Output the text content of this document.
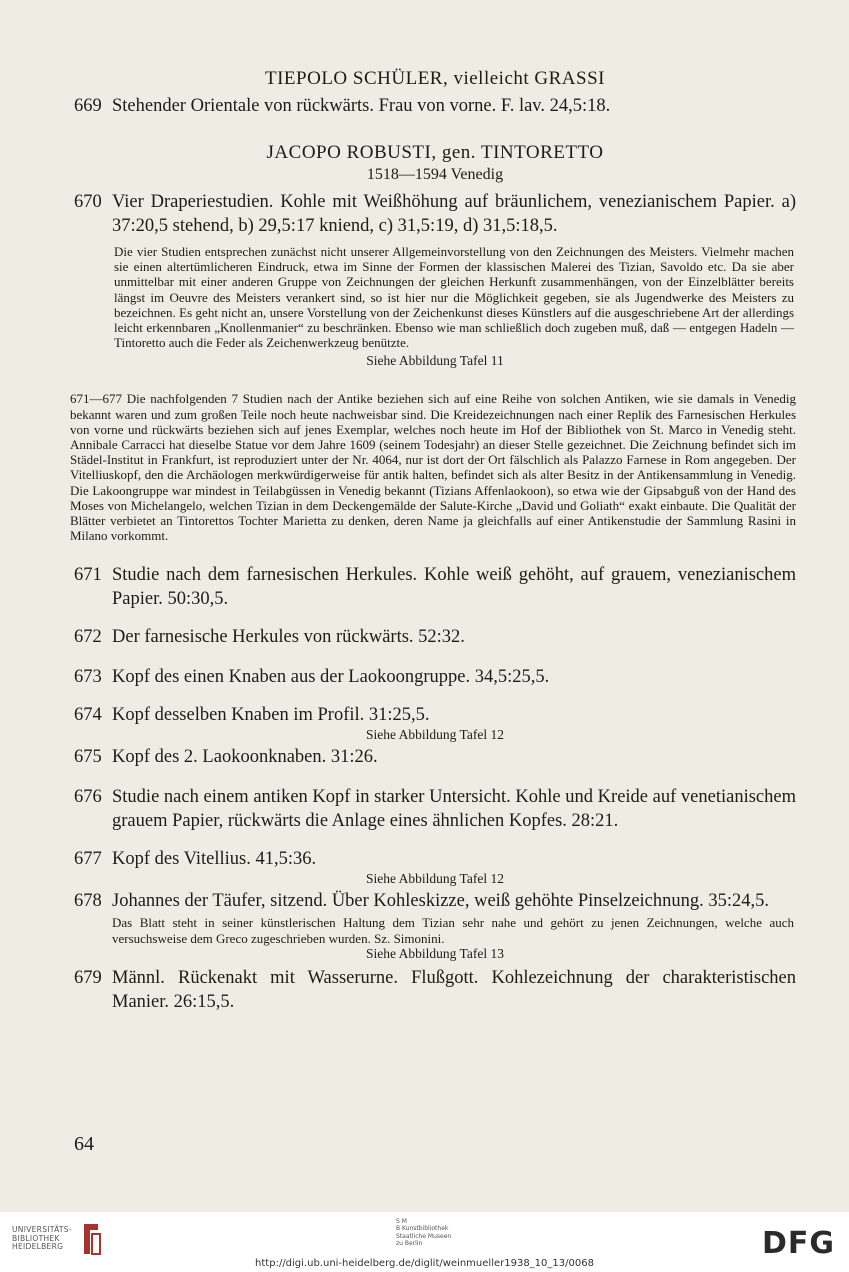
TIEPOLO SCHÜLER, vielleicht GRASSI
669 Stehender Orientale von rückwärts. Frau von vorne. F. lav. 24,5:18.
JACOPO ROBUSTI, gen. TINTORETTO
1518—1594 Venedig
670 Vier Draperiestudien. Kohle mit Weißhöhung auf bräunlichem, venezianischem Papier. a) 37:20,5 stehend, b) 29,5:17 kniend, c) 31,5:19, d) 31,5:18,5.
Die vier Studien entsprechen zunächst nicht unserer Allgemeinvorstellung von den Zeichnungen des Meisters. Vielmehr machen sie einen altertümlicheren Eindruck, etwa im Sinne der Formen der klassischen Malerei des Tizian, Savoldo etc. Da sie aber unmittelbar mit einer anderen Gruppe von Zeichnungen der gleichen Herkunft zusammenhängen, von der Einzelblätter bereits längst im Oeuvre des Meisters verankert sind, so ist hier nur die Möglichkeit gegeben, sie als Jugendwerke des Meisters zu bezeichnen. Es geht nicht an, unsere Vorstellung von der Zeichenkunst dieses Künstlers auf die ausgeschriebene Art der allerdings leicht erkennbaren „Knollenmanier“ zu beschränken. Ebenso wie man schließlich doch zugeben muß, daß — entgegen Hadeln — Tintoretto auch die Feder als Zeichenwerkzeug benützte.
Siehe Abbildung Tafel 11
671—677 Die nachfolgenden 7 Studien nach der Antike beziehen sich auf eine Reihe von solchen Antiken, wie sie damals in Venedig bekannt waren und zum großen Teile noch heute nachweisbar sind. Die Kreidezeichnungen nach einer Replik des Farnesischen Herkules von vorne und rückwärts beziehen sich auf jenes Exemplar, welches noch heute im Hof der Bibliothek von St. Marco in Venedig steht. Annibale Carracci hat dieselbe Statue vor dem Jahre 1609 (seinem Todesjahr) an dieser Stelle gezeichnet. Die Zeichnung befindet sich im Städel-Institut in Frankfurt, ist reproduziert unter der Nr. 4064, nur ist dort der Ort fälschlich als Palazzo Farnese in Rom angegeben. Der Vitelliuskopf, den die Archäologen merkwürdigerweise für antik halten, befindet sich als alter Besitz in der Antikensammlung in Venedig. Die Lakoongruppe war mindest in Teilabgüssen in Venedig bekannt (Tizians Affenlaokoon), so etwa wie der Gipsabguß von der Hand des Moses von Michelangelo, welchen Tizian in dem Deckengemälde der Salute-Kirche „David und Goliath“ exakt einbaute. Die Qualität der Blätter verbietet an Tintorettos Tochter Marietta zu denken, deren Name ja gleichfalls auf einer Antikenstudie der Sammlung Rasini in Milano vorkommt.
671 Studie nach dem farnesischen Herkules. Kohle weiß gehöht, auf grauem, venezianischem Papier. 50:30,5.
672 Der farnesische Herkules von rückwärts. 52:32.
673 Kopf des einen Knaben aus der Laokoongruppe. 34,5:25,5.
674 Kopf desselben Knaben im Profil. 31:25,5.
Siehe Abbildung Tafel 12
675 Kopf des 2. Laokoonknaben. 31:26.
676 Studie nach einem antiken Kopf in starker Untersicht. Kohle und Kreide auf venetianischem grauem Papier, rückwärts die Anlage eines ähnlichen Kopfes. 28:21.
677 Kopf des Vitellius. 41,5:36.
Siehe Abbildung Tafel 12
678 Johannes der Täufer, sitzend. Über Kohleskizze, weiß gehöhte Pinselzeichnung. 35:24,5.
Das Blatt steht in seiner künstlerischen Haltung dem Tizian sehr nahe und gehört zu jenen Zeichnungen, welche auch versuchsweise dem Greco zugeschrieben wurden. Sz. Simonini.
Siehe Abbildung Tafel 13
679 Männl. Rückenakt mit Wasserurne. Flußgott. Kohlezeichnung der charakteristischen Manier. 26:15,5.
64
UNIVERSITÄTS-
BIBLIOTHEK
HEIDELBERG
S M
B Kunstbibliothek
Staatliche Museen
zu Berlin	DFG
http://digi.ub.uni-heidelberg.de/diglit/weinmueller1938_10_13/0068
